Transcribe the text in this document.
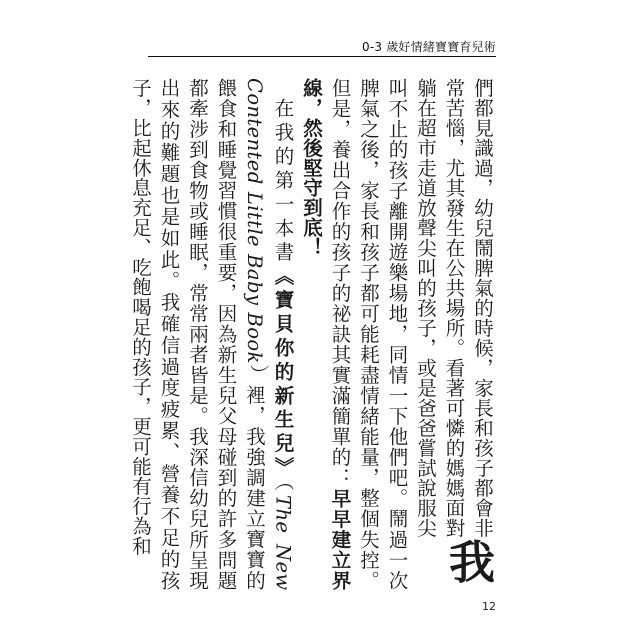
0-3 歲好情緒寶寶育兒術

我
們都見識過，幼兒鬧脾氣的時候，家長和孩子都會非常苦惱，尤其發生在公共場所。看著可憐的媽媽面對躺在超市走道放聲尖叫的孩子，或是爸爸嘗試說服尖叫不止的孩子離開遊樂場地，同情一下他們吧。鬧過一次脾氣之後，家長和孩子都可能耗盡情緒能量，整個失控。但是，養出合作的孩子的祕訣其實滿簡單的：早早建立界線，然後堅守到底！

在我的第一本書《寶貝你的新生兒》（The New Contented Little Baby Book）裡，我強調建立寶寶的餵食和睡覺習慣很重要，因為新生兒父母碰到的許多問題都牽涉到食物或睡眠，常常兩者皆是。我深信幼兒所呈現出來的難題也是如此。我確信過度疲累、營養不足的孩子，比起休息充足、吃飽喝足的孩子，更可能有行為和

12
